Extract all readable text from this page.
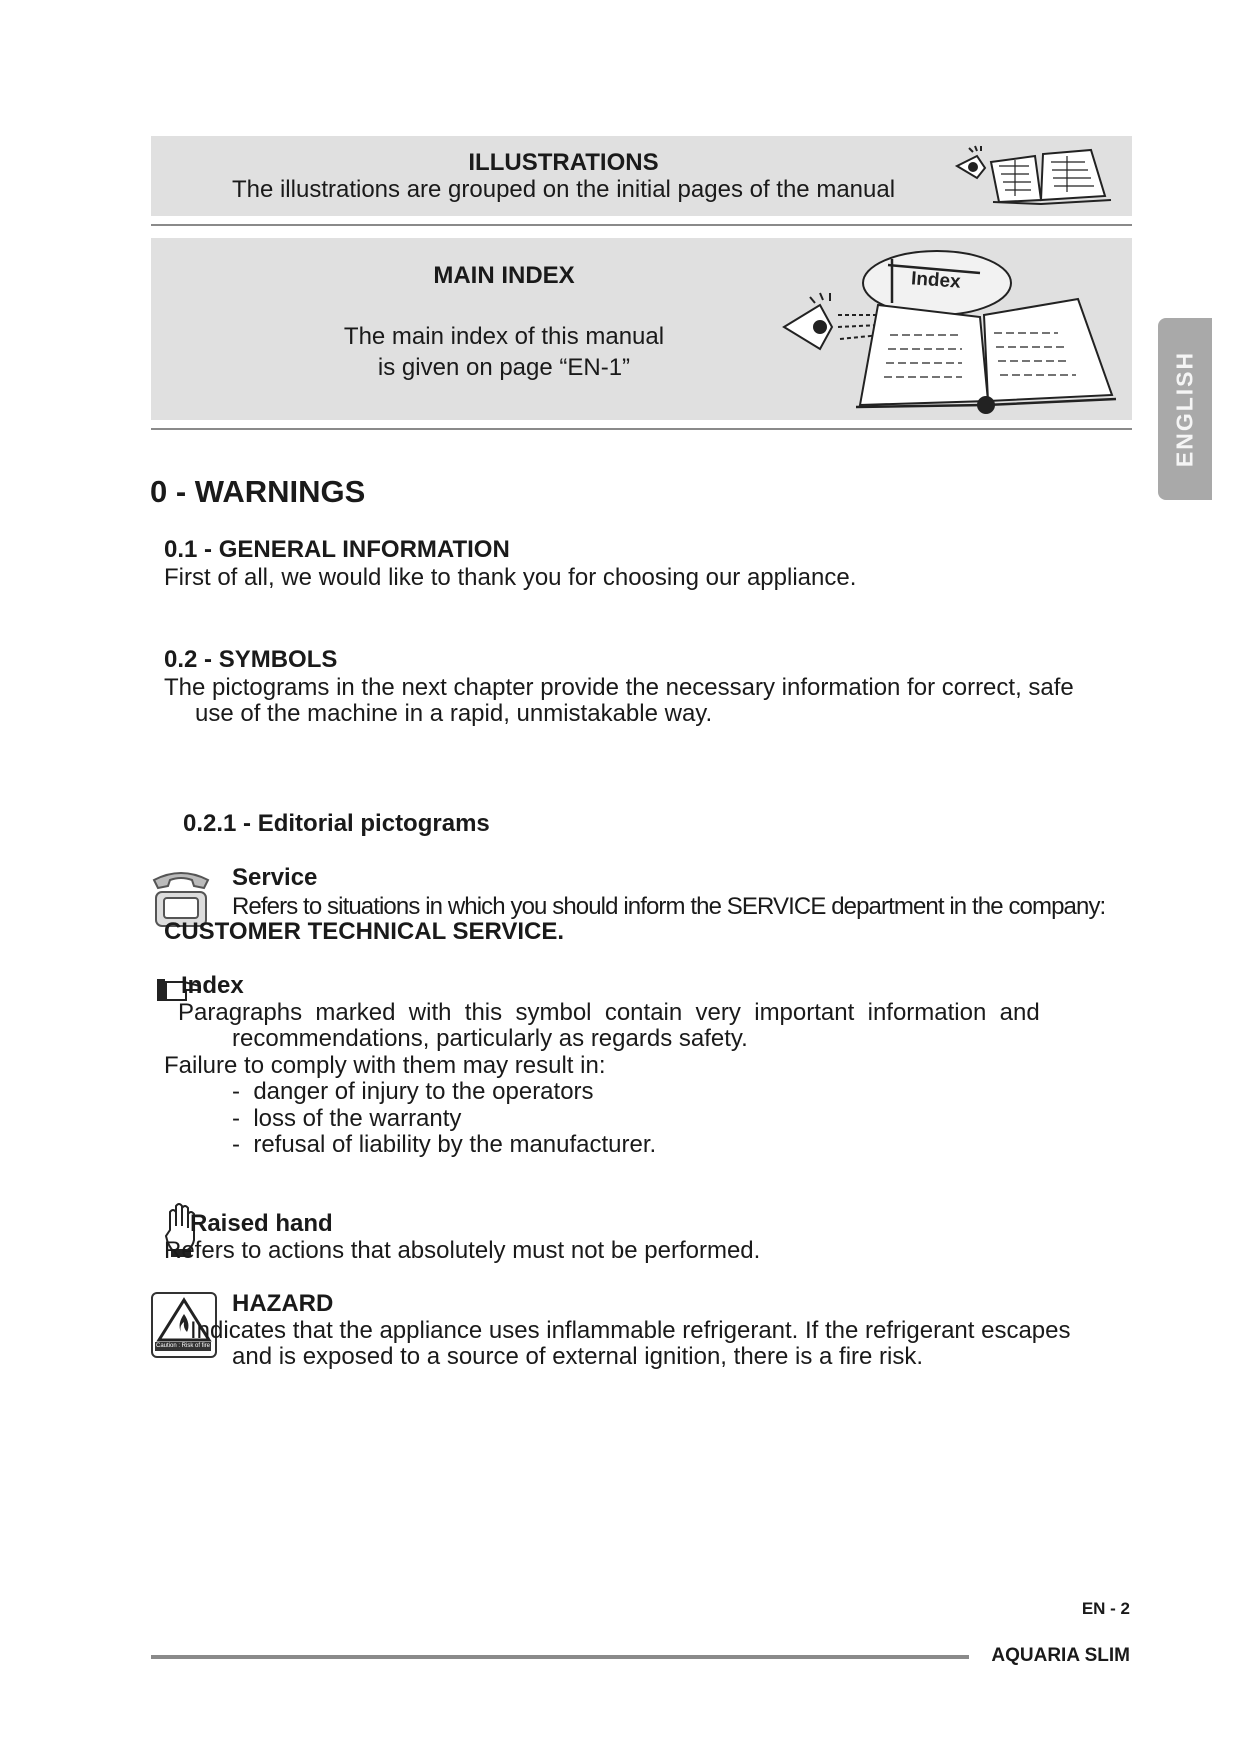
ILLUSTRATIONS
The illustrations are grouped on the initial pages of the manual
MAIN INDEX
The main index of this manual
is given on page “EN-1”
Index
ENGLISH
0 - WARNINGS
0.1 - GENERAL INFORMATION
First of all, we would like to thank you for choosing our appliance.
0.2 - SYMBOLS
The pictograms in the next chapter provide the necessary information for correct, safe
use of the machine in a rapid, unmistakable way.
0.2.1 - Editorial pictograms
Service
Refers to situations in which you should inform the SERVICE department in the company:
CUSTOMER TECHNICAL SERVICE.
Index
Paragraphs  marked  with  this  symbol  contain  very  important  information  and
recommendations, particularly as regards safety.
Failure to comply with them may result in:
-  danger of injury to the operators
-  loss of the warranty
-  refusal of liability by the manufacturer.
Raised hand
Refers to actions that absolutely must not be performed.
Caution : Risk of fire
HAZARD
Indicates that the appliance uses inflammable refrigerant. If the refrigerant escapes
and is exposed to a source of external ignition, there is a fire risk.
EN - 2
AQUARIA SLIM
